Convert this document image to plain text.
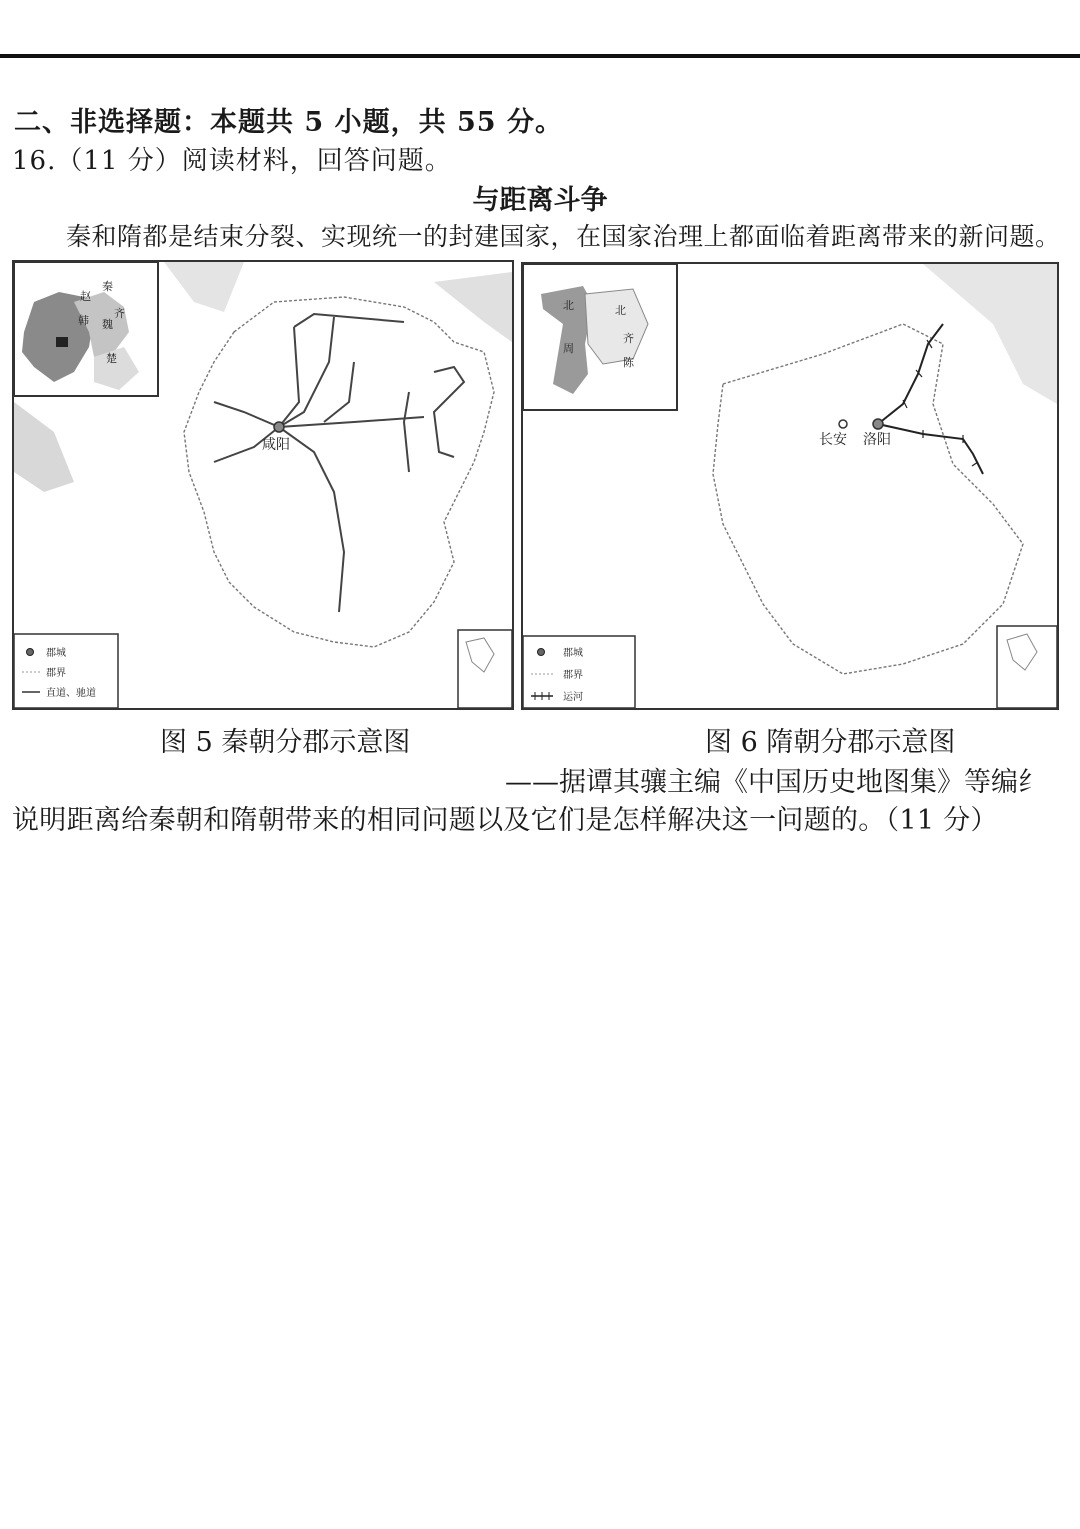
二、非选择题：本题共 5 小题，共 55 分。
16.（11 分）阅读材料，回答问题。
与距离斗争
秦和隋都是结束分裂、实现统一的封建国家，在国家治理上都面临着距离带来的新问题。
咸阳
秦
赵
齐
韩 魏
楚
郡城
郡界
直道、驰道
长安 洛阳
北	北
齐
周
陈
郡城
郡界
运河
图 5 秦朝分郡示意图	图 6 隋朝分郡示意图
——据谭其骧主编《中国历史地图集》等编纟
说明距离给秦朝和隋朝带来的相同问题以及它们是怎样解决这一问题的。（11 分）
